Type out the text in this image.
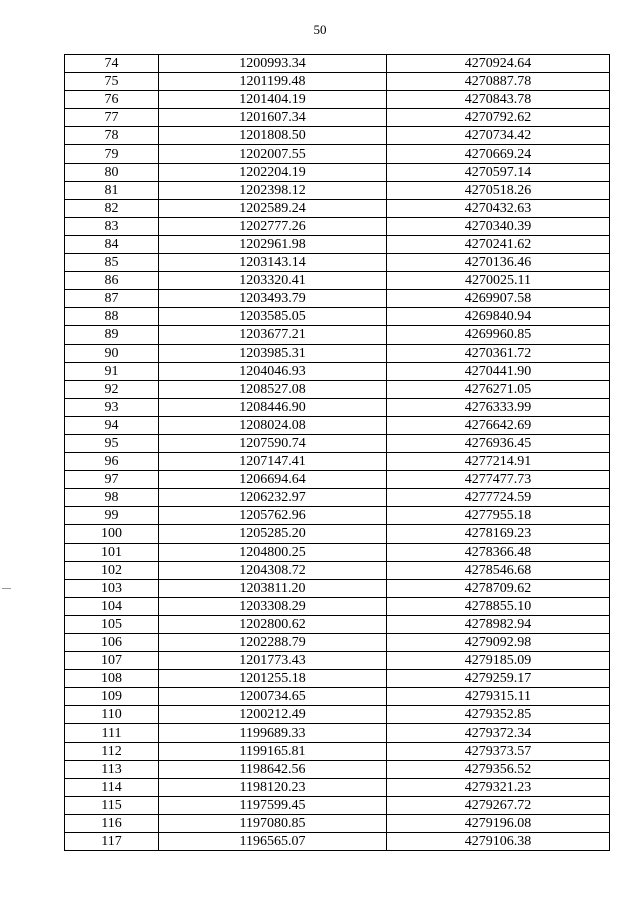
50
74	1200993.34	4270924.64
75	1201199.48	4270887.78
76	1201404.19	4270843.78
77	1201607.34	4270792.62
78	1201808.50	4270734.42
79	1202007.55	4270669.24
80	1202204.19	4270597.14
81	1202398.12	4270518.26
82	1202589.24	4270432.63
83	1202777.26	4270340.39
84	1202961.98	4270241.62
85	1203143.14	4270136.46
86	1203320.41	4270025.11
87	1203493.79	4269907.58
88	1203585.05	4269840.94
89	1203677.21	4269960.85
90	1203985.31	4270361.72
91	1204046.93	4270441.90
92	1208527.08	4276271.05
93	1208446.90	4276333.99
94	1208024.08	4276642.69
95	1207590.74	4276936.45
96	1207147.41	4277214.91
97	1206694.64	4277477.73
98	1206232.97	4277724.59
99	1205762.96	4277955.18
100	1205285.20	4278169.23
101	1204800.25	4278366.48
102	1204308.72	4278546.68
103	1203811.20	4278709.62
104	1203308.29	4278855.10
105	1202800.62	4278982.94
106	1202288.79	4279092.98
107	1201773.43	4279185.09
108	1201255.18	4279259.17
109	1200734.65	4279315.11
110	1200212.49	4279352.85
111	1199689.33	4279372.34
112	1199165.81	4279373.57
113	1198642.56	4279356.52
114	1198120.23	4279321.23
115	1197599.45	4279267.72
116	1197080.85	4279196.08
117	1196565.07	4279106.38
